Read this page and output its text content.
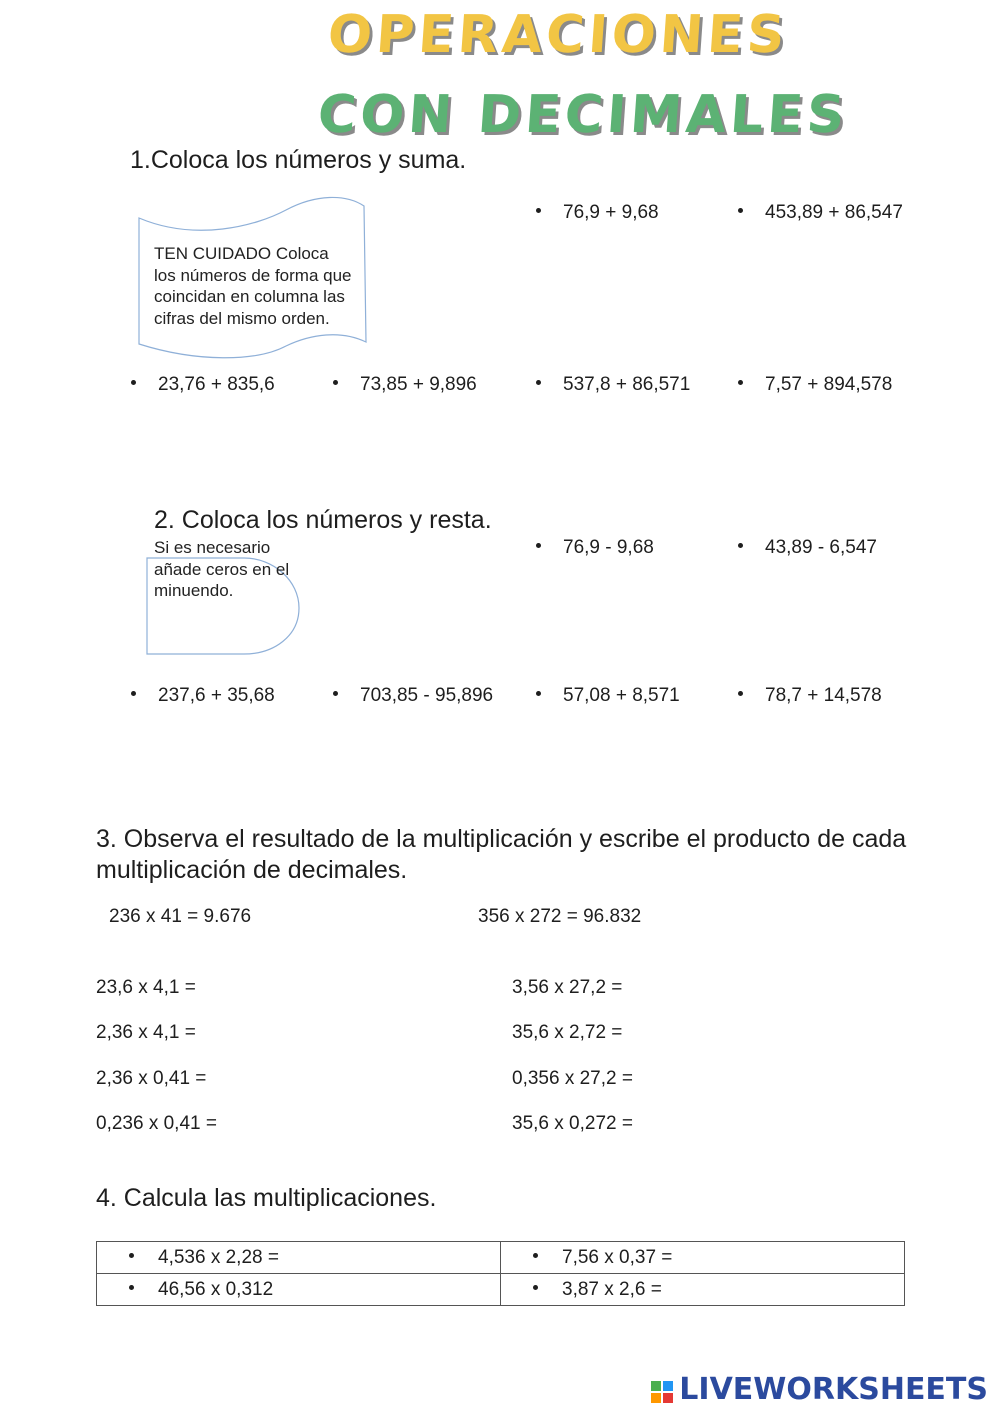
OPERACIONES
CON DECIMALES
1.Coloca los números y suma.
TEN CUIDADO Coloca los números de forma que coincidan en columna las cifras del mismo orden.
76,9 + 9,68	453,89 + 86,547
23,76 + 835,6	73,85 + 9,896	537,8 + 86,571	7,57 + 894,578
2. Coloca los números y resta.
Si es necesario añade ceros en el minuendo.
76,9 - 9,68	43,89 - 6,547
237,6 + 35,68	703,85 - 95,896	57,08 + 8,571	78,7 + 14,578
3. Observa el resultado de la multiplicación y escribe el producto de cada
multiplicación de decimales.
236 x 41 = 9.676	356 x 272 = 96.832
23,6 x 4,1 =
2,36 x 4,1 =
2,36 x 0,41 =
0,236 x 0,41 =
3,56 x 27,2 =
35,6 x 2,72 =
0,356 x 27,2 =
35,6 x 0,272 =
4. Calcula las multiplicaciones.
4,536 x 2,28 =	7,56 x 0,37 =
46,56 x 0,312	3,87 x 2,6 =
LIVEWORKSHEETS
